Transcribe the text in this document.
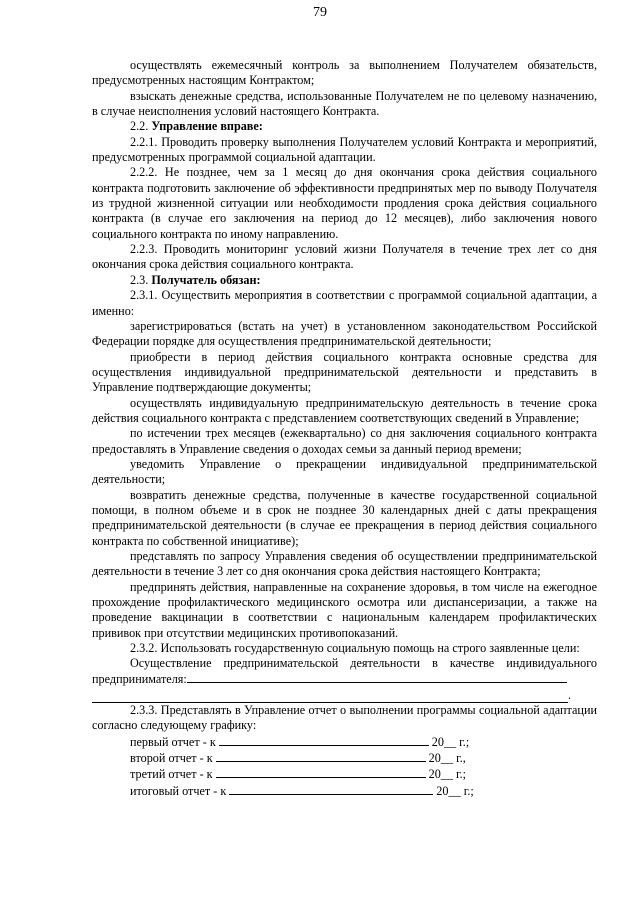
79

осуществлять ежемесячный контроль за выполнением Получателем обязательств, предусмотренных настоящим Контрактом;

взыскать денежные средства, использованные Получателем не по целевому назначению, в случае неисполнения условий настоящего Контракта.

2.2. Управление вправе:

2.2.1. Проводить проверку выполнения Получателем условий Контракта и мероприятий, предусмотренных программой социальной адаптации.

2.2.2. Не позднее, чем за 1 месяц до дня окончания срока действия социального контракта подготовить заключение об эффективности предпринятых мер по выводу Получателя из трудной жизненной ситуации или необходимости продления срока действия социального контракта (в случае его заключения на период до 12 месяцев), либо заключения нового социального контракта по иному направлению.

2.2.3. Проводить мониторинг условий жизни Получателя в течение трех лет со дня окончания срока действия социального контракта.

2.3. Получатель обязан:

2.3.1. Осуществить мероприятия в соответствии с программой социальной адаптации, а именно:

зарегистрироваться (встать на учет) в установленном законодательством Российской Федерации порядке для осуществления предпринимательской деятельности;

приобрести в период действия социального контракта основные средства для осуществления индивидуальной предпринимательской деятельности и представить в Управление подтверждающие документы;

осуществлять индивидуальную предпринимательскую деятельность в течение срока действия социального контракта с представлением соответствующих сведений в Управление;

по истечении трех месяцев (ежеквартально) со дня заключения социального контракта предоставлять в Управление сведения о доходах семьи за данный период времени;

уведомить Управление о прекращении индивидуальной предпринимательской деятельности;

возвратить денежные средства, полученные в качестве государственной социальной помощи, в полном объеме и в срок не позднее 30 календарных дней с даты прекращения предпринимательской деятельности (в случае ее прекращения в период действия социального контракта по собственной инициативе);

представлять по запросу Управления сведения об осуществлении предпринимательской деятельности в течение 3 лет со дня окончания срока действия настоящего Контракта;

предпринять действия, направленные на сохранение здоровья, в том числе на ежегодное прохождение профилактического медицинского осмотра или диспансеризации, а также на проведение вакцинации в соответствии с национальным календарем профилактических прививок при отсутствии медицинских противопоказаний.

2.3.2. Использовать государственную социальную помощь на строго заявленные цели:

Осуществление предпринимательской деятельности в качестве индивидуального предпринимателя:

.

2.3.3. Представлять в Управление отчет о выполнении программы социальной адаптации согласно следующему графику:

первый отчет - к	20__ г.;

второй отчет - к	20__ г.,

третий отчет - к	20__ г.;

итоговый отчет - к	20__ г.;
